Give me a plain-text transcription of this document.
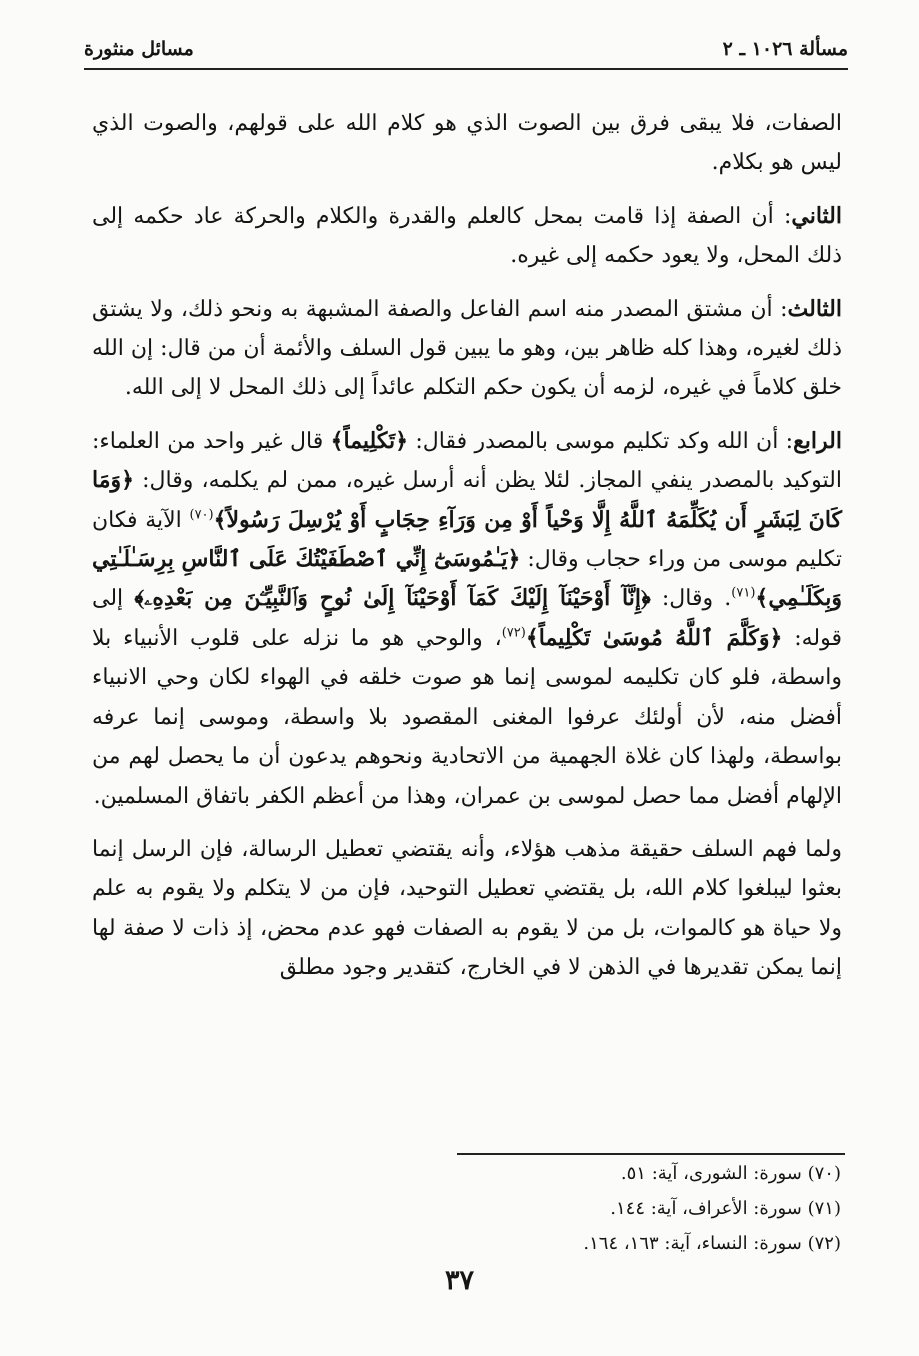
مسألة ١٠٢٦ ـ ٢
مسائل منثورة

الصفات، فلا يبقى فرق بين الصوت الذي هو كلام الله على قولهم، والصوت الذي ليس هو بكلام.

الثاني: أن الصفة إذا قامت بمحل كالعلم والقدرة والكلام والحركة عاد حكمه إلى ذلك المحل، ولا يعود حكمه إلى غيره.

الثالث: أن مشتق المصدر منه اسم الفاعل والصفة المشبهة به ونحو ذلك، ولا يشتق ذلك لغيره، وهذا كله ظاهر بين، وهو ما يبين قول السلف والأئمة أن من قال: إن الله خلق كلاماً في غيره، لزمه أن يكون حكم التكلم عائداً إلى ذلك المحل لا إلى الله.

الرابع: أن الله وكد تكليم موسى بالمصدر فقال: ﴿تَكْلِيماً﴾ قال غير واحد من العلماء: التوكيد بالمصدر ينفي المجاز. لئلا يظن أنه أرسل غيره، ممن لم يكلمه، وقال: ﴿وَمَا كَانَ لِبَشَرٍ أَن يُكَلِّمَهُ ٱللَّهُ إِلَّا وَحْياً أَوْ مِن وَرَآءِ حِجَابٍ أَوْ يُرْسِلَ رَسُولاً﴾$^{(٧٠)}$ الآية فكان تكليم موسى من وراء حجاب وقال: ﴿يَـٰمُوسَىٰٓ إِنِّي ٱصْطَفَيْتُكَ عَلَى ٱلنَّاسِ بِرِسَـٰلَـٰتِي وَبِكَلَـٰمِي﴾$^{(٧١)}$. وقال: ﴿إِنَّآ أَوْحَيْنَآ إِلَيْكَ كَمَآ أَوْحَيْنَآ إِلَىٰ نُوحٍ وَٱلنَّبِيِّـۧنَ مِن بَعْدِهِۦ﴾ إلى قوله: ﴿وَكَلَّمَ ٱللَّهُ مُوسَىٰ تَكْلِيماً﴾$^{(٧٢)}$، والوحي هو ما نزله على قلوب الأنبياء بلا واسطة، فلو كان تكليمه لموسى إنما هو صوت خلقه في الهواء لكان وحي الانبياء أفضل منه، لأن أولئك عرفوا المغنى المقصود بلا واسطة، وموسى إنما عرفه بواسطة، ولهذا كان غلاة الجهمية من الاتحادية ونحوهم يدعون أن ما يحصل لهم من الإلهام أفضل مما حصل لموسى بن عمران، وهذا من أعظم الكفر باتفاق المسلمين.

ولما فهم السلف حقيقة مذهب هؤلاء، وأنه يقتضي تعطيل الرسالة، فإن الرسل إنما بعثوا ليبلغوا كلام الله، بل يقتضي تعطيل التوحيد، فإن من لا يتكلم ولا يقوم به علم ولا حياة هو كالموات، بل من لا يقوم به الصفات فهو عدم محض، إذ ذات لا صفة لها إنما يمكن تقديرها في الذهن لا في الخارج، كتقدير وجود مطلق

(٧٠) سورة: الشورى، آية: ٥١.
(٧١) سورة: الأعراف، آية: ١٤٤.
(٧٢) سورة: النساء، آية: ١٦٣، ١٦٤.
٣٧
